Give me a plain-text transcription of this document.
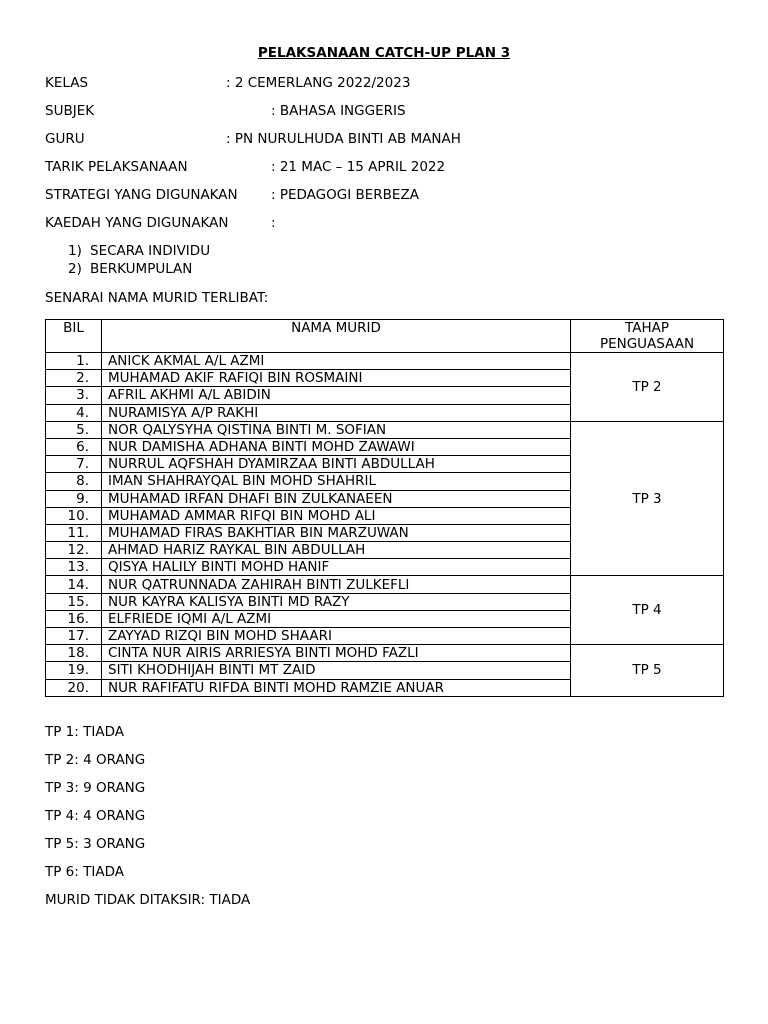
PELAKSANAAN CATCH-UP PLAN 3
KELAS	: 2 CEMERLANG 2022/2023
SUBJEK	: BAHASA INGGERIS
GURU	: PN NURULHUDA BINTI AB MANAH
TARIK PELAKSANAAN	: 21 MAC – 15 APRIL 2022
STRATEGI YANG DIGUNAKAN : PEDAGOGI BERBEZA
KAEDAH YANG DIGUNAKAN	:
1) SECARA INDIVIDU
2) BERKUMPULAN
SENARAI NAMA MURID TERLIBAT:
BIL	NAMA MURID	TAHAP
PENGUASAAN

1.	ANICK AKMAL A/L AZMI	TP 2
2.	MUHAMAD AKIF RAFIQI BIN ROSMAINI	
3.	AFRIL AKHMI A/L ABIDIN	
4.	NURAMISYA A/P RAKHI	
5.	NOR QALYSYHA QISTINA BINTI M. SOFIAN	TP 3
6.	NUR DAMISHA ADHANA BINTI MOHD ZAWAWI	
7.	NURRUL AQFSHAH DYAMIRZAA BINTI ABDULLAH	
8.	IMAN SHAHRAYQAL BIN MOHD SHAHRIL	
9.	MUHAMAD IRFAN DHAFI BIN ZULKANAEEN	
10.	MUHAMAD AMMAR RIFQI BIN MOHD ALI	
11.	MUHAMAD FIRAS BAKHTIAR BIN MARZUWAN	
12.	AHMAD HARIZ RAYKAL BIN ABDULLAH	
13.	QISYA HALILY BINTI MOHD HANIF	
14.	NUR QATRUNNADA ZAHIRAH BINTI ZULKEFLI	TP 4
15.	NUR KAYRA KALISYA BINTI MD RAZY	
16.	ELFRIEDE IQMI A/L AZMI	
17.	ZAYYAD RIZQI BIN MOHD SHAARI	
18.	CINTA NUR AIRIS ARRIESYA BINTI MOHD FAZLI	TP 5
19.	SITI KHODHIJAH BINTI MT ZAID	
20.	NUR RAFIFATU RIFDA BINTI MOHD RAMZIE ANUAR	
TP 1: TIADA
TP 2: 4 ORANG
TP 3: 9 ORANG
TP 4: 4 ORANG
TP 5: 3 ORANG
TP 6: TIADA
MURID TIDAK DITAKSIR: TIADA
